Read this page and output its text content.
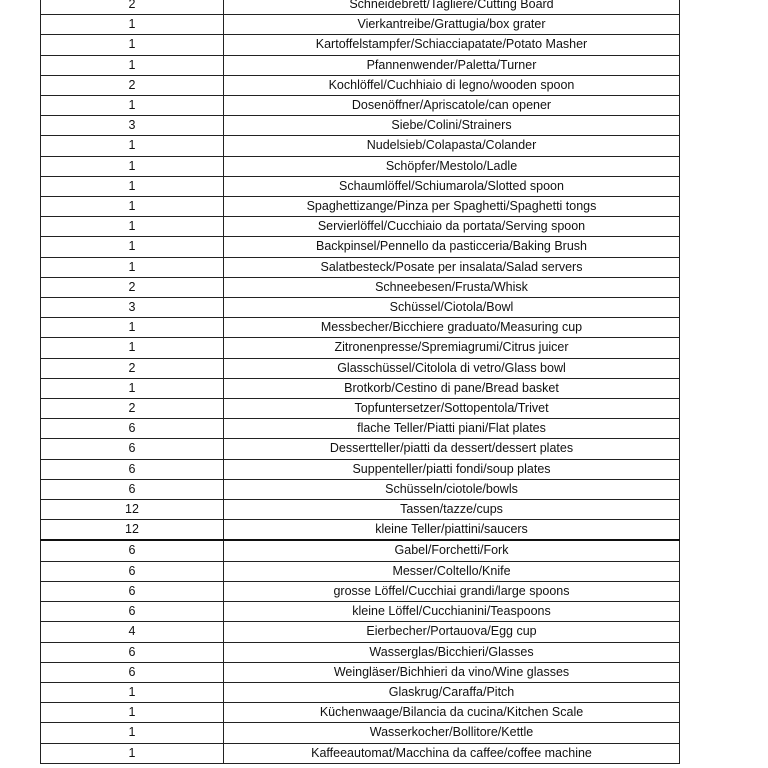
2	Schneidebrett/Tagliere/Cutting Board
1	Vierkantreibe/Grattugia/box grater
1	Kartoffelstampfer/Schiacciapatate/Potato Masher
1	Pfannenwender/Paletta/Turner
2	Kochlöffel/Cuchhiaio di legno/wooden spoon
1	Dosenöffner/Apriscatole/can opener
3	Siebe/Colini/Strainers
1	Nudelsieb/Colapasta/Colander
1	Schöpfer/Mestolo/Ladle
1	Schaumlöffel/Schiumarola/Slotted spoon
1	Spaghettizange/Pinza per Spaghetti/Spaghetti tongs
1	Servierlöffel/Cucchiaio da portata/Serving spoon
1	Backpinsel/Pennello da pasticceria/Baking Brush
1	Salatbesteck/Posate per insalata/Salad servers
2	Schneebesen/Frusta/Whisk
3	Schüssel/Ciotola/Bowl
1	Messbecher/Bicchiere graduato/Measuring cup
1	Zitronenpresse/Spremiagrumi/Citrus juicer
2	Glasschüssel/Citolola di vetro/Glass bowl
1	Brotkorb/Cestino di pane/Bread basket
2	Topfuntersetzer/Sottopentola/Trivet
6	flache Teller/Piatti piani/Flat plates
6	Dessertteller/piatti da dessert/dessert plates
6	Suppenteller/piatti fondi/soup plates
6	Schüsseln/ciotole/bowls
12	Tassen/tazze/cups
12	kleine Teller/piattini/saucers
6	Gabel/Forchetti/Fork
6	Messer/Coltello/Knife
6	grosse Löffel/Cucchiai grandi/large spoons
6	kleine Löffel/Cucchianini/Teaspoons
4	Eierbecher/Portauova/Egg cup
6	Wasserglas/Bicchieri/Glasses
6	Weingläser/Bichhieri da vino/Wine glasses
1	Glaskrug/Caraffa/Pitch
1	Küchenwaage/Bilancia da cucina/Kitchen Scale
1	Wasserkocher/Bollitore/Kettle
1	Kaffeeautomat/Macchina da caffee/coffee machine
